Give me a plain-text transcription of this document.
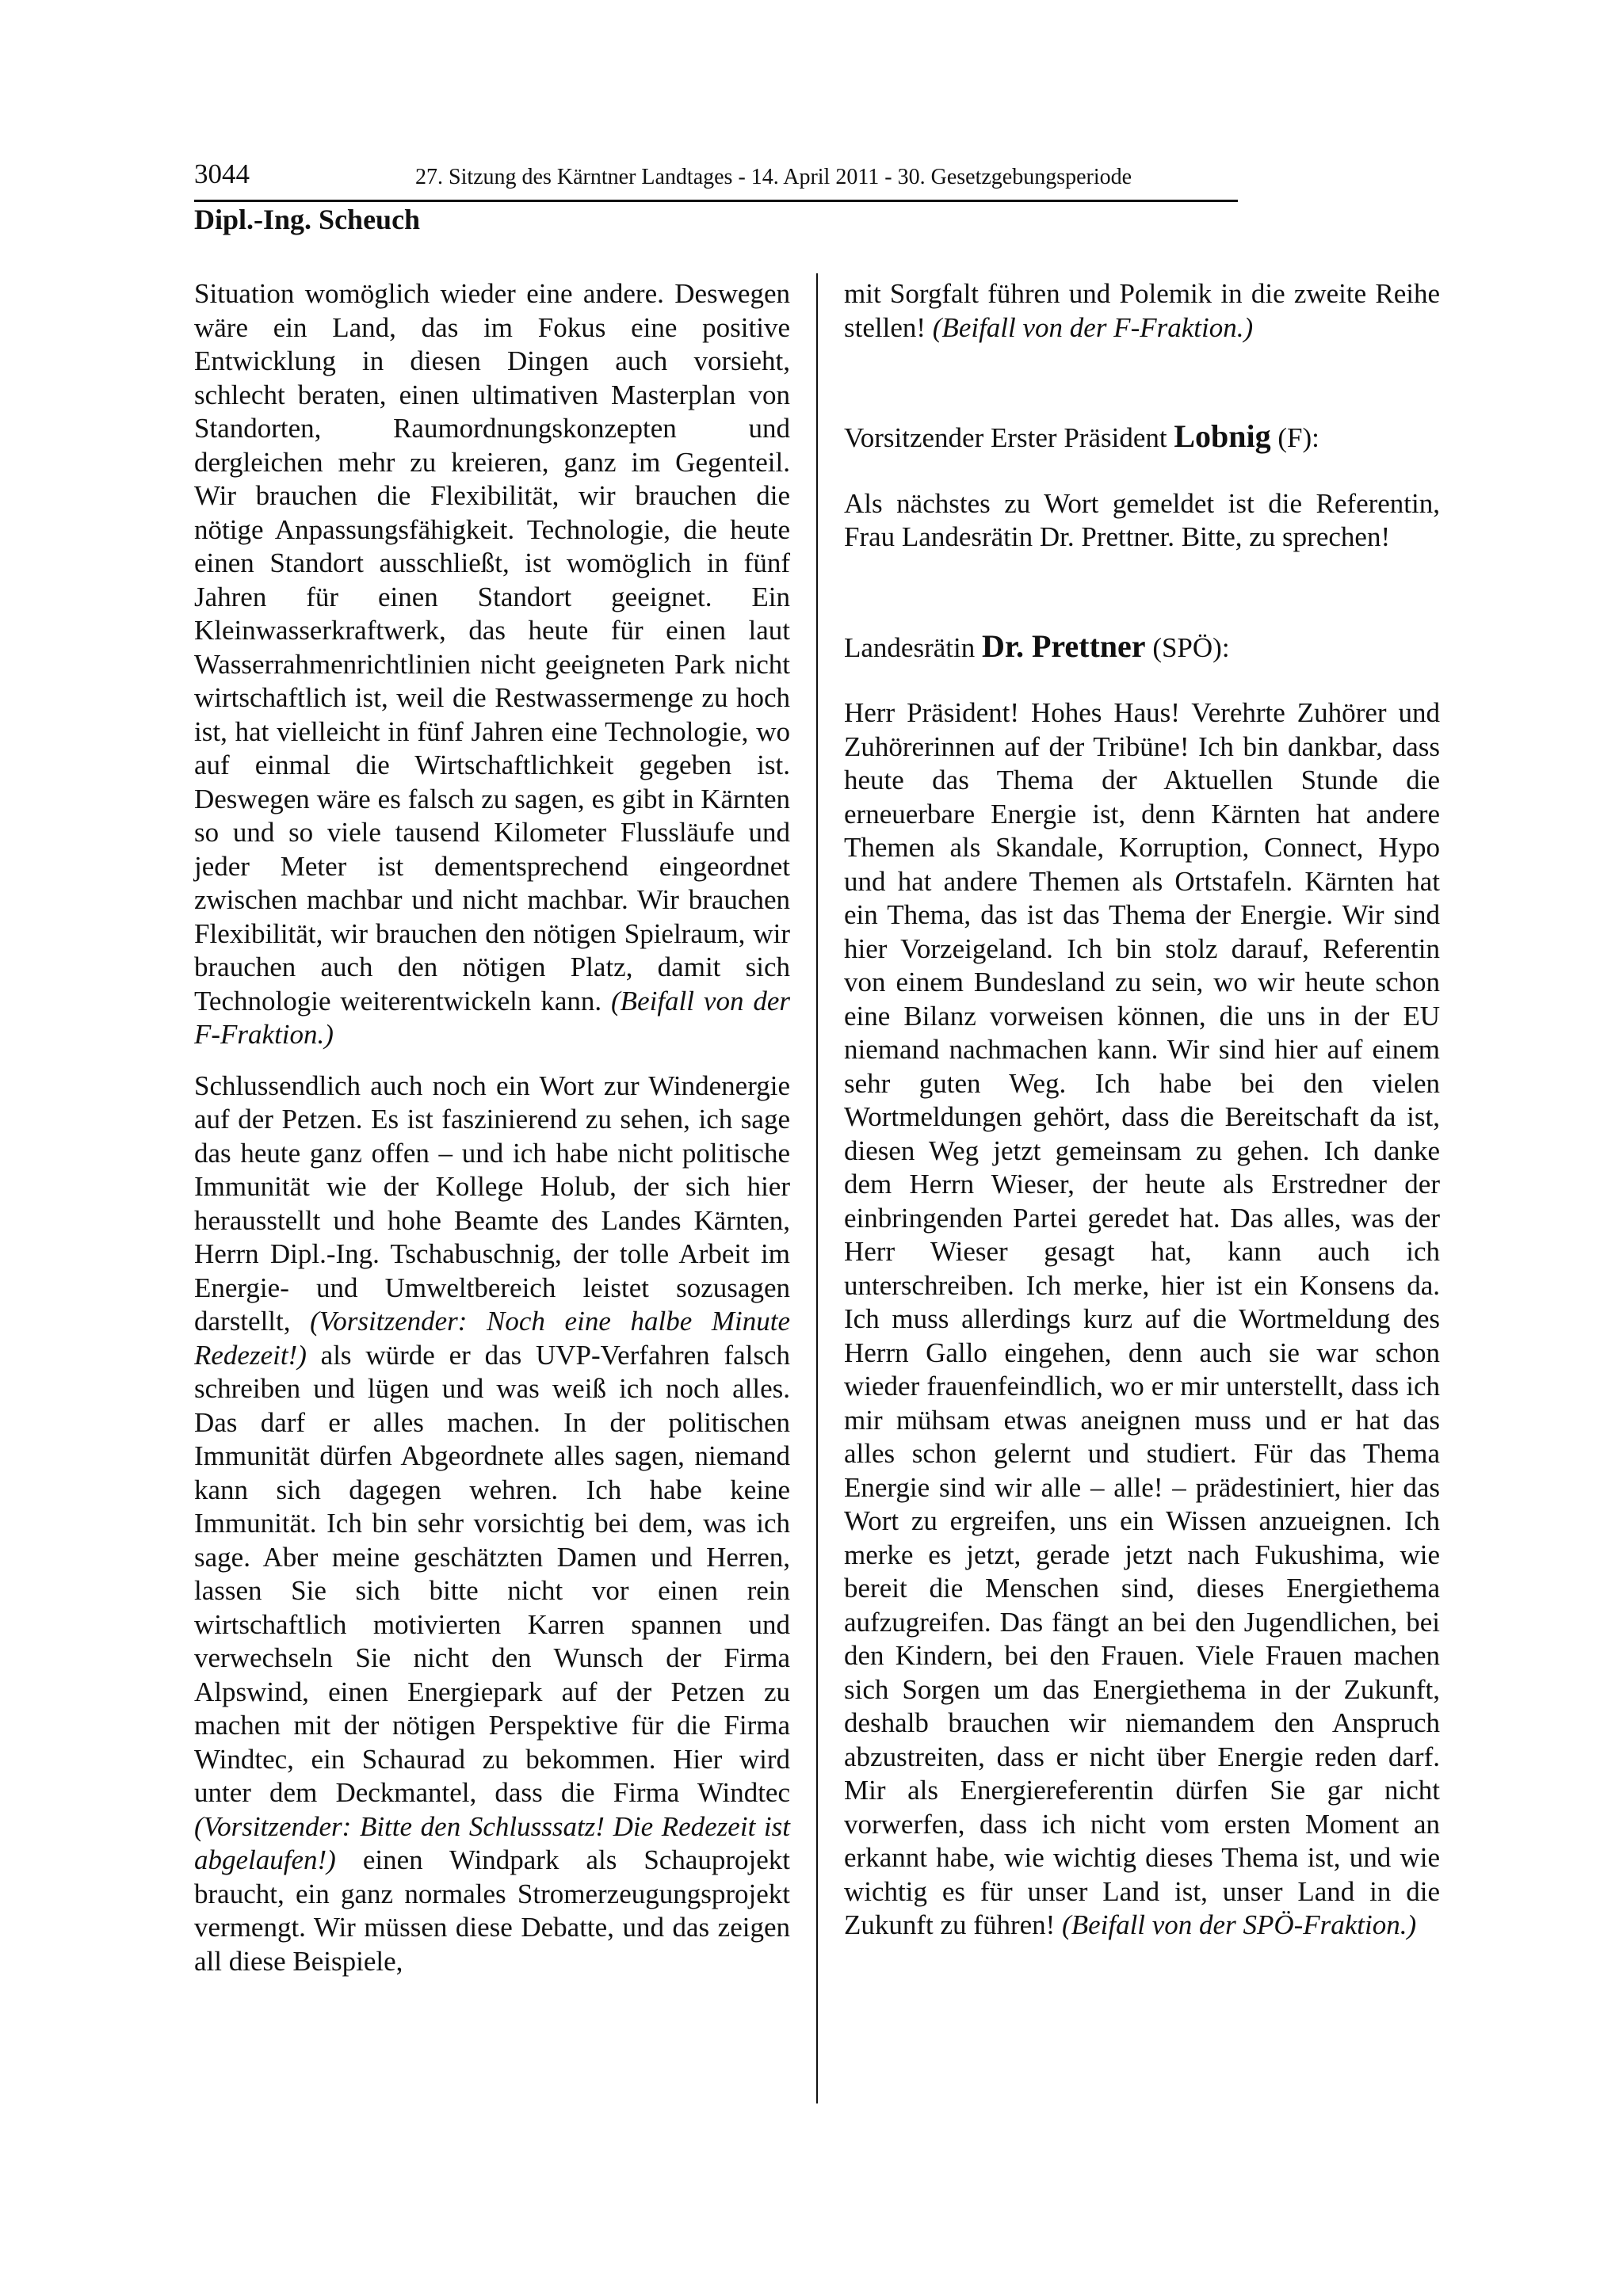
3044	27. Sitzung des Kärntner Landtages - 14. April 2011 - 30. Gesetzgebungsperiode
Dipl.-Ing. Scheuch

Situation womöglich wieder eine andere. Deswegen wäre ein Land, das im Fokus eine positive Entwicklung in diesen Dingen auch vorsieht, schlecht beraten, einen ultimativen Masterplan von Standorten, Raumordnungskonzepten und dergleichen mehr zu kreieren, ganz im Gegenteil. Wir brauchen die Flexibilität, wir brauchen die nötige Anpassungsfähigkeit. Technologie, die heute einen Standort ausschließt, ist womöglich in fünf Jahren für einen Standort geeignet. Ein Kleinwasserkraftwerk, das heute für einen laut Wasserrahmenrichtlinien nicht geeigneten Park nicht wirtschaftlich ist, weil die Restwassermenge zu hoch ist, hat vielleicht in fünf Jahren eine Technologie, wo auf einmal die Wirtschaftlichkeit gegeben ist. Deswegen wäre es falsch zu sagen, es gibt in Kärnten so und so viele tausend Kilometer Flussläufe und jeder Meter ist dementsprechend eingeordnet zwischen machbar und nicht machbar. Wir brauchen Flexibilität, wir brauchen den nötigen Spielraum, wir brauchen auch den nötigen Platz, damit sich Technologie weiterentwickeln kann. (Beifall von der F-Fraktion.)

Schlussendlich auch noch ein Wort zur Windenergie auf der Petzen. Es ist faszinierend zu sehen, ich sage das heute ganz offen – und ich habe nicht politische Immunität wie der Kollege Holub, der sich hier herausstellt und hohe Beamte des Landes Kärnten, Herrn Dipl.-Ing. Tschabuschnig, der tolle Arbeit im Energie- und Umweltbereich leistet sozusagen darstellt, (Vorsitzender: Noch eine halbe Minute Redezeit!) als würde er das UVP-Verfahren falsch schreiben und lügen und was weiß ich noch alles. Das darf er alles machen. In der politischen Immunität dürfen Abgeordnete alles sagen, niemand kann sich dagegen wehren. Ich habe keine Immunität. Ich bin sehr vorsichtig bei dem, was ich sage. Aber meine geschätzten Damen und Herren, lassen Sie sich bitte nicht vor einen rein wirtschaftlich motivierten Karren spannen und verwechseln Sie nicht den Wunsch der Firma Alpswind, einen Energiepark auf der Petzen zu machen mit der nötigen Perspektive für die Firma Windtec, ein Schaurad zu bekommen. Hier wird unter dem Deckmantel, dass die Firma Windtec (Vorsitzender: Bitte den Schlusssatz! Die Redezeit ist abgelaufen!) einen Windpark als Schauprojekt braucht, ein ganz normales Stromerzeugungsprojekt vermengt. Wir müssen diese Debatte, und das zeigen all diese Beispiele,

mit Sorgfalt führen und Polemik in die zweite Reihe stellen! (Beifall von der F-Fraktion.)

Vorsitzender Erster Präsident Lobnig (F):

Als nächstes zu Wort gemeldet ist die Referentin, Frau Landesrätin Dr. Prettner. Bitte, zu sprechen!

Landesrätin Dr. Prettner (SPÖ):

Herr Präsident! Hohes Haus! Verehrte Zuhörer und Zuhörerinnen auf der Tribüne! Ich bin dankbar, dass heute das Thema der Aktuellen Stunde die erneuerbare Energie ist, denn Kärnten hat andere Themen als Skandale, Korruption, Connect, Hypo und hat andere Themen als Ortstafeln. Kärnten hat ein Thema, das ist das Thema der Energie. Wir sind hier Vorzeigeland. Ich bin stolz darauf, Referentin von einem Bundesland zu sein, wo wir heute schon eine Bilanz vorweisen können, die uns in der EU niemand nachmachen kann. Wir sind hier auf einem sehr guten Weg. Ich habe bei den vielen Wortmeldungen gehört, dass die Bereitschaft da ist, diesen Weg jetzt gemeinsam zu gehen. Ich danke dem Herrn Wieser, der heute als Erstredner der einbringenden Partei geredet hat. Das alles, was der Herr Wieser gesagt hat, kann auch ich unterschreiben. Ich merke, hier ist ein Konsens da. Ich muss allerdings kurz auf die Wortmeldung des Herrn Gallo eingehen, denn auch sie war schon wieder frauenfeindlich, wo er mir unterstellt, dass ich mir mühsam etwas aneignen muss und er hat das alles schon gelernt und studiert. Für das Thema Energie sind wir alle – alle! – prädestiniert, hier das Wort zu ergreifen, uns ein Wissen anzueignen. Ich merke es jetzt, gerade jetzt nach Fukushima, wie bereit die Menschen sind, dieses Energiethema aufzugreifen. Das fängt an bei den Jugendlichen, bei den Kindern, bei den Frauen. Viele Frauen machen sich Sorgen um das Energiethema in der Zukunft, deshalb brauchen wir niemandem den Anspruch abzustreiten, dass er nicht über Energie reden darf. Mir als Energiereferentin dürfen Sie gar nicht vorwerfen, dass ich nicht vom ersten Moment an erkannt habe, wie wichtig dieses Thema ist, und wie wichtig es für unser Land ist, unser Land in die Zukunft zu führen! (Beifall von der SPÖ-Fraktion.)
